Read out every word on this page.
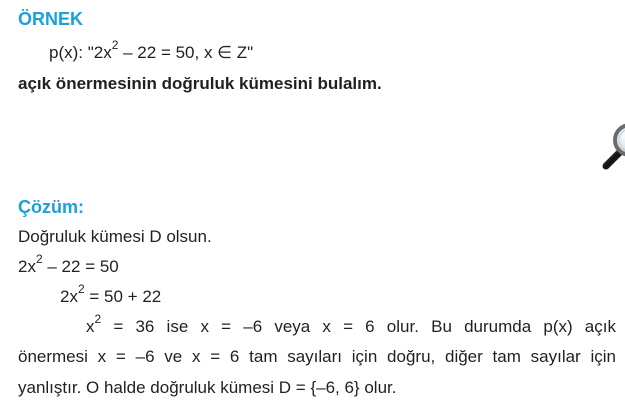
ÖRNEK
p(x): "$2x^2 - 22 = 50$, x ∈ Z"
açık önermesinin doğruluk kümesini bulalım.
Çözüm:
Doğruluk kümesi D olsun.
$2x^2 - 22 = 50$
$2x^2 = 50 + 22$
$x^2 = 36$ ise x = –6 veya x = 6 olur. Bu durumda p(x) açık
önermesi x = –6 ve x = 6 tam sayıları için doğru, diğer tam sayılar için
yanlıştır. O halde doğruluk kümesi D = {–6, 6} olur.
